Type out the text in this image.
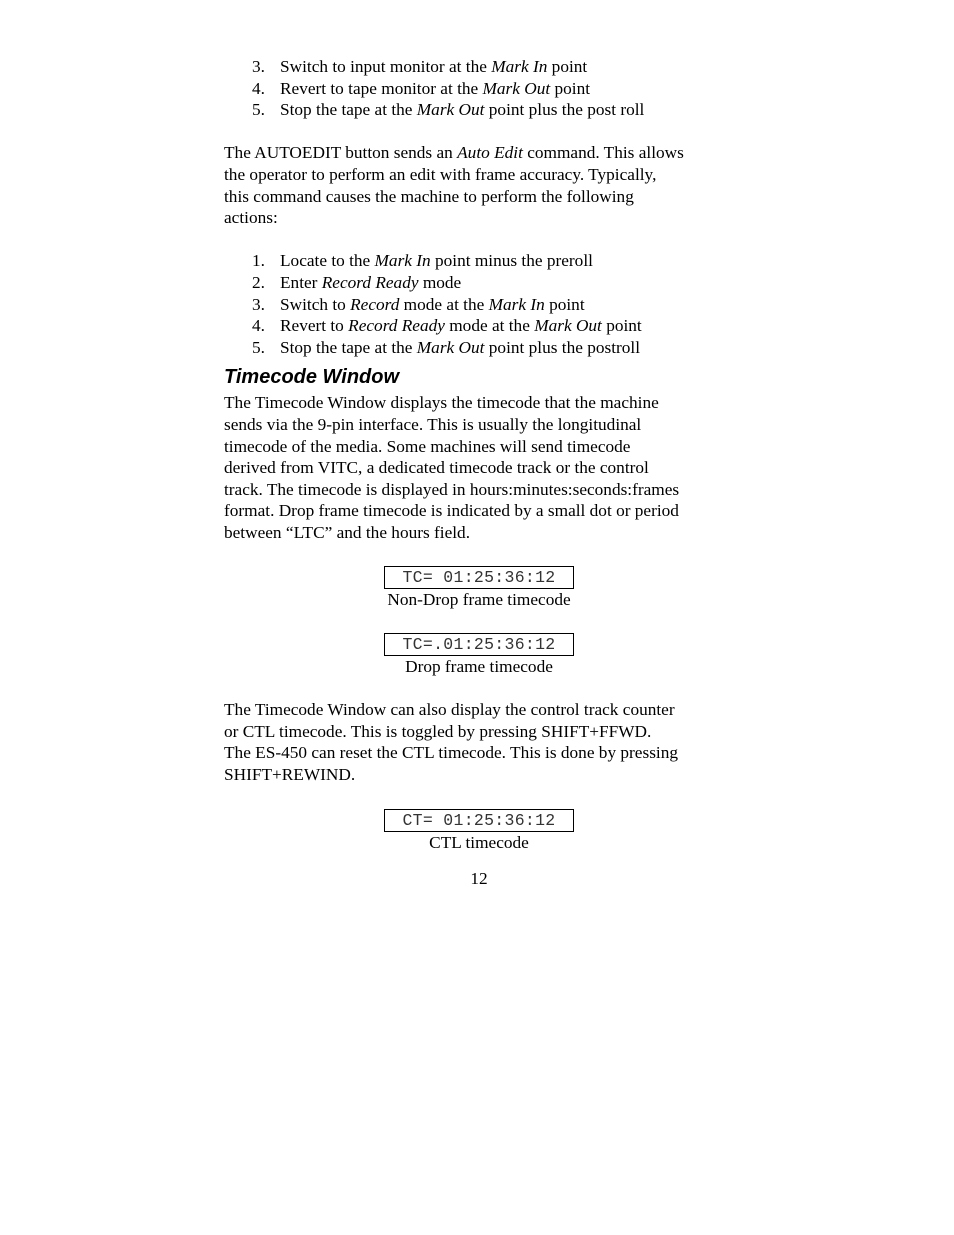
3. Switch to input monitor at the Mark In point
4. Revert to tape monitor at the Mark Out point
5. Stop the tape at the Mark Out point plus the post roll
The AUTOEDIT button sends an Auto Edit command. This allows
the operator to perform an edit with frame accuracy. Typically,
this command causes the machine to perform the following
actions:
1. Locate to the Mark In point minus the preroll
2. Enter Record Ready mode
3. Switch to Record mode at the Mark In point
4. Revert to Record Ready mode at the Mark Out point
5. Stop the tape at the Mark Out point plus the postroll
Timecode Window
The Timecode Window displays the timecode that the machine
sends via the 9-pin interface. This is usually the longitudinal
timecode of the media. Some machines will send timecode
derived from VITC, a dedicated timecode track or the control
track. The timecode is displayed in hours:minutes:seconds:frames
format. Drop frame timecode is indicated by a small dot or period
between “LTC” and the hours field.
TC= 01:25:36:12
Non-Drop frame timecode
TC=.01:25:36:12
Drop frame timecode
The Timecode Window can also display the control track counter
or CTL timecode. This is toggled by pressing SHIFT+FFWD.
The ES-450 can reset the CTL timecode. This is done by pressing
SHIFT+REWIND.
CT= 01:25:36:12
CTL timecode
12
